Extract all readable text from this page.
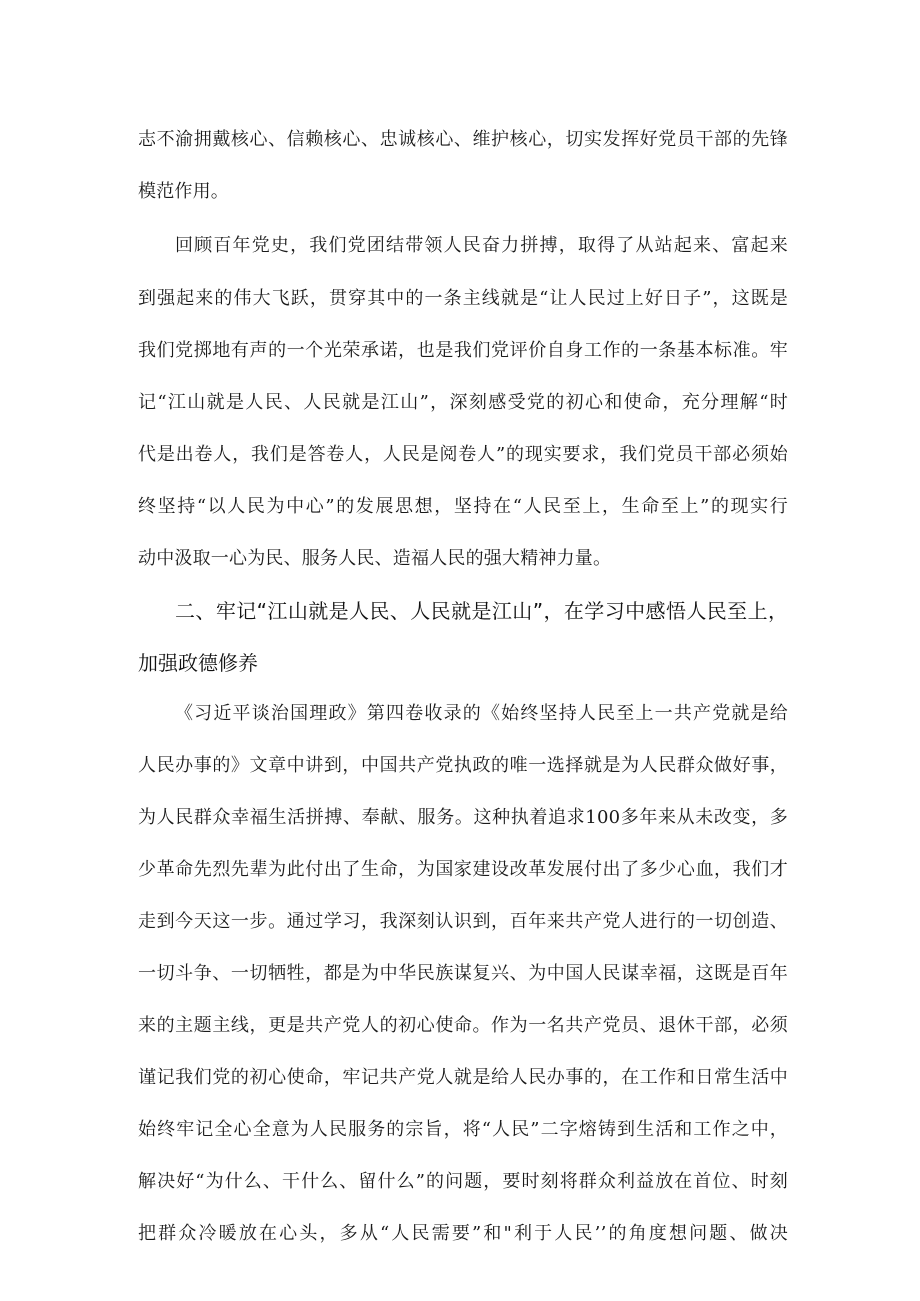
志不渝拥戴核心、信赖核心、忠诚核心、维护核心，切实发挥好党员干部的先锋
模范作用。
回顾百年党史，我们党团结带领人民奋力拼搏，取得了从站起来、富起来
到强起来的伟大飞跃，贯穿其中的一条主线就是“让人民过上好日子”，这既是
我们党掷地有声的一个光荣承诺，也是我们党评价自身工作的一条基本标准。牢
记“江山就是人民、人民就是江山”，深刻感受党的初心和使命，充分理解“时
代是出卷人，我们是答卷人，人民是阅卷人”的现实要求，我们党员干部必须始
终坚持“以人民为中心”的发展思想，坚持在“人民至上，生命至上”的现实行
动中汲取一心为民、服务人民、造福人民的强大精神力量。
二、牢记“江山就是人民、人民就是江山”，在学习中感悟人民至上，
加强政德修养
《习近平谈治国理政》第四卷收录的《始终坚持人民至上一共产党就是给
人民办事的》文章中讲到，中国共产党执政的唯一选择就是为人民群众做好事，
为人民群众幸福生活拼搏、奉献、服务。这种执着追求100多年来从未改变，多
少革命先烈先辈为此付出了生命，为国家建设改革发展付出了多少心血，我们才
走到今天这一步。通过学习，我深刻认识到，百年来共产党人进行的一切创造、
一切斗争、一切牺牲，都是为中华民族谋复兴、为中国人民谋幸福，这既是百年
来的主题主线，更是共产党人的初心使命。作为一名共产党员、退休干部，必须
谨记我们党的初心使命，牢记共产党人就是给人民办事的，在工作和日常生活中
始终牢记全心全意为人民服务的宗旨，将“人民”二字熔铸到生活和工作之中，
解决好“为什么、干什么、留什么”的问题，要时刻将群众利益放在首位、时刻
把群众冷暖放在心头，多从“人民需要”和"利于人民’’的角度想问题、做决
